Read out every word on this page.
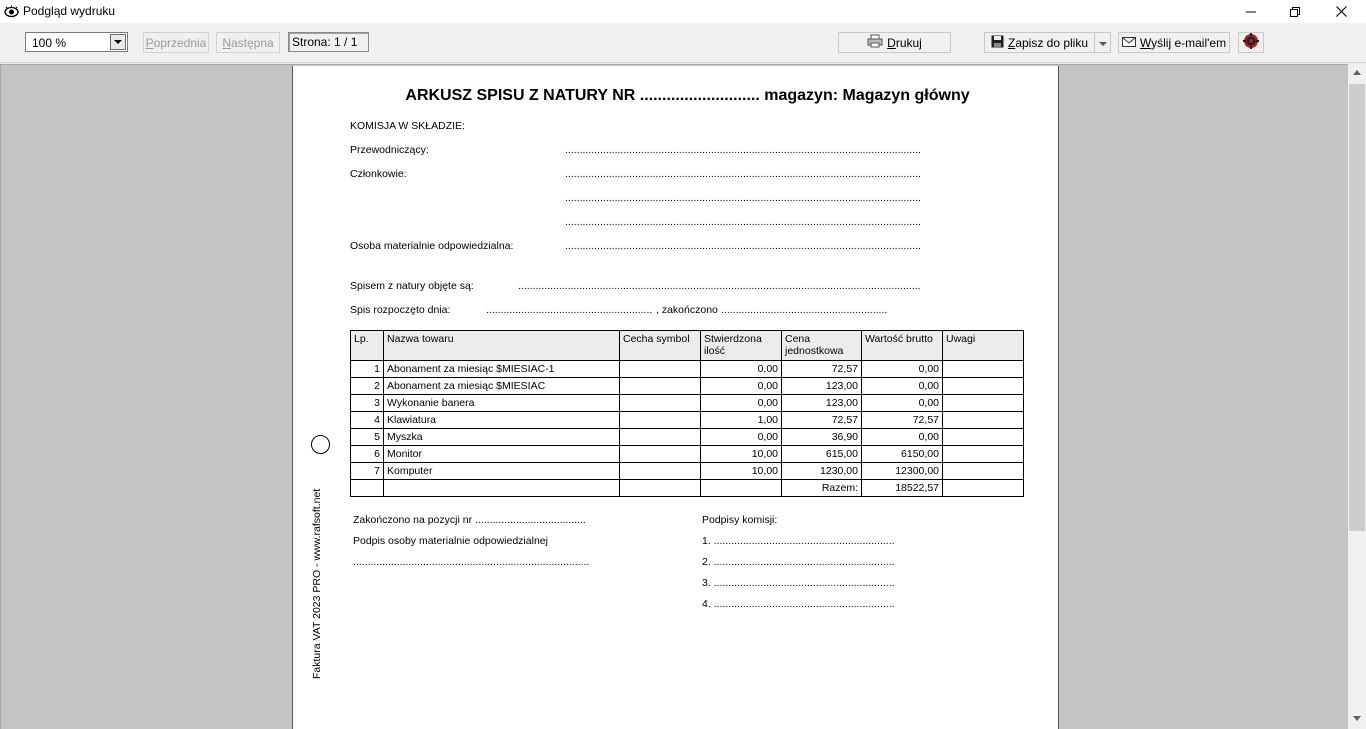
Podgląd wydruku
100 %	Poprzednia Następna	Strona: 1 / 1	Drukuj	Zapisz do pliku	Wyślij e-mail'em
ARKUSZ SPISU Z NATURY NR ........................... magazyn: Magazyn główny
KOMISJA W SKŁADZIE:
Przewodniczący:	..........................................................................................................................
Członkowie:	..........................................................................................................................
..........................................................................................................................
..........................................................................................................................
Osoba materialnie odpowiedzialna:	..........................................................................................................................
Spisem z natury objęte są:	..........................................................................................................................................
Spis rozpoczęto dnia:	......................................................... , zakończono .........................................................
Lp.	Nazwa towaru	Cecha symbol	Stwierdzona ilość	Cena jednostkowa	Wartość brutto	Uwagi
1	Abonament za miesiąc $MIESIAC-1		0,00	72,57	0,00	
2	Abonament za miesiąc $MIESIAC		0,00	123,00	0,00	
3	Wykonanie banera		0,00	123,00	0,00	
4	Klawiatura		1,00	72,57	72,57	
5	Myszka		0,00	36,90	0,00	
6	Monitor		10,00	615,00	6150,00	
7	Komputer		10,00	1230,00	12300,00	
				Razem:	18522,57	
Zakończono na pozycji nr ......................................
Podpis osoby materialnie odpowiedzialnej
.................................................................................
Podpisy komisji:
1. ..............................................................
2. ..............................................................
3. ..............................................................
4. ..............................................................
Faktura VAT 2023 PRO - www.rafsoft.net
